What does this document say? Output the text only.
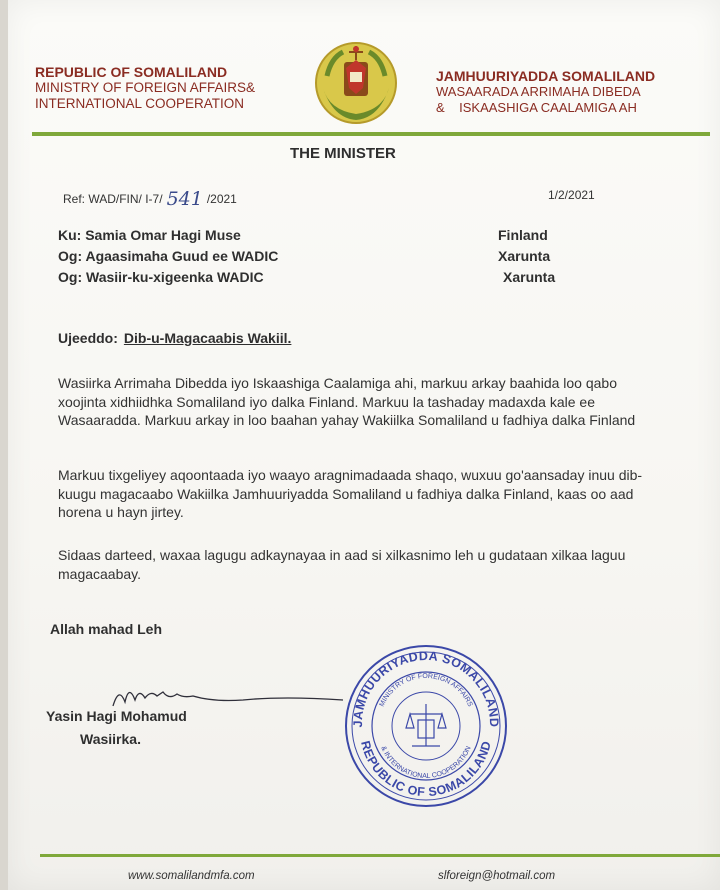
REPUBLIC OF SOMALILAND
MINISTRY OF FOREIGN AFFAIRS&
INTERNATIONAL COOPERATION
JAMHUURIYADDA SOMALILAND
WASAARADA ARRIMAHA DIBEDA
&    ISKAASHIGA CAALAMIGA AH
THE MINISTER
Ref: WAD/FIN/ I-7/ 541 /2021	1/2/2021
Ku: Samia Omar Hagi Muse	Finland
Og: Agaasimaha Guud ee WADIC	Xarunta
Og: Wasiir-ku-xigeenka WADIC	Xarunta
Ujeeddo: Dib-u-Magacaabis Wakiil.
Wasiirka Arrimaha Dibedda iyo Iskaashiga Caalamiga ahi, markuu arkay baahida loo qabo xoojinta xidhiidhka Somaliland iyo dalka Finland. Markuu la tashaday madaxda kale ee Wasaaradda. Markuu arkay in loo baahan yahay Wakiilka Somaliland u fadhiya dalka Finland
Markuu tixgeliyey aqoontaada iyo waayo aragnimadaada shaqo, wuxuu go'aansaday inuu dib-kuugu magacaabo Wakiilka Jamhuuriyadda Somaliland u fadhiya dalka Finland, kaas oo aad horena u hayn jirtey.
Sidaas darteed, waxaa lagugu adkaynayaa in aad si xilkasnimo leh u gudataan xilkaa laguu magacaabay.
Allah mahad Leh
Yasin Hagi Mohamud
Wasiirka.
JAMHUURIYADDA SOMALILAND
REPUBLIC OF SOMALILAND
MINISTRY OF FOREIGN AFFAIRS
& INTERNATIONAL COOPERATION
www.somalilandmfa.com	slforeign@hotmail.com
